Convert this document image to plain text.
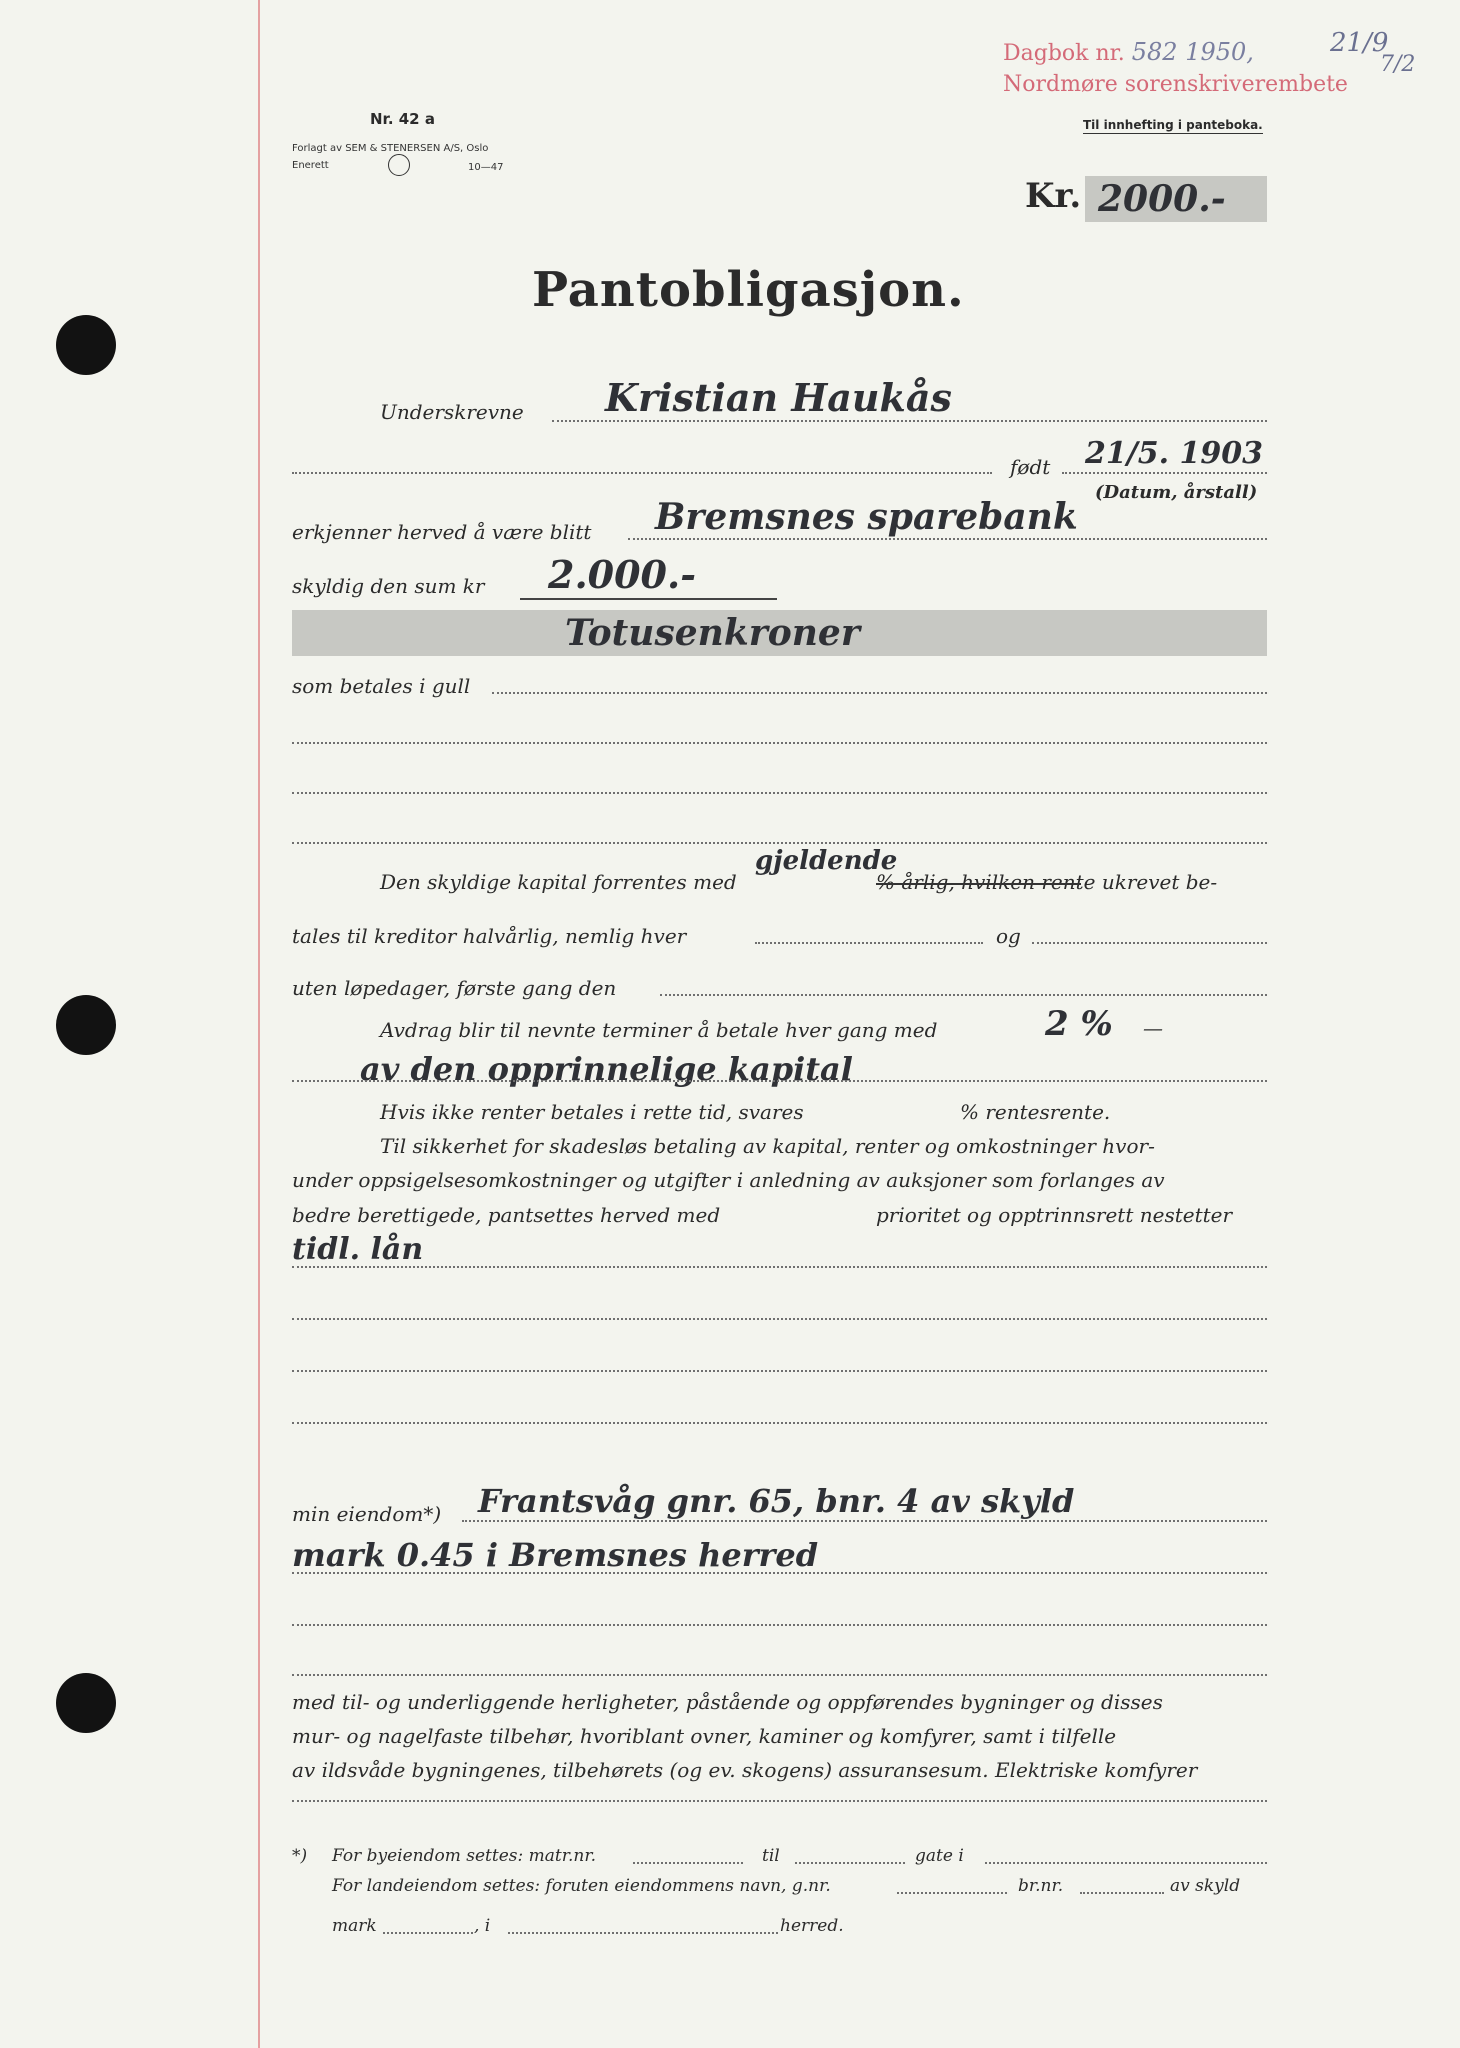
Dagbok nr. 582 1950,	21/9
7/2
Nordmøre sorenskriverembete
Nr. 42 a
Forlagt av SEM & STENERSEN A/S, Oslo
Enerett	10—47
Til innhefting i panteboka.
Kr. 2000.-
Pantobligasjon.
Underskrevne Kristian Haukås
født 21/5. 1903
(Datum, årstall)
erkjenner herved å være blitt Bremsnes sparebank
skyldig den sum kr 2.000.-
Totusenkroner
som betales i gull
Den skyldige kapital forrentes med
gjeldende
% årlig, hvilken rente ukrevet be-
tales til kreditor halvårlig, nemlig hver	og
uten løpedager, første gang den
Avdrag blir til nevnte terminer å betale hver gang med	2 % —
av den opprinnelige kapital
Hvis ikke renter betales i rette tid, svares	% rentesrente.
Til sikkerhet for skadesløs betaling av kapital, renter og omkostninger hvor-
under oppsigelsesomkostninger og utgifter i anledning av auksjoner som forlanges av
bedre berettigede, pantsettes herved med	prioritet og opptrinnsrett nestetter
tidl. lån
min eiendom*) Frantsvåg gnr. 65, bnr. 4 av skyld
mark 0.45 i Bremsnes herred
med til- og underliggende herligheter, påstående og oppførendes bygninger og disses
mur- og nagelfaste tilbehør, hvoriblant ovner, kaminer og komfyrer, samt i tilfelle
av ildsvåde bygningenes, tilbehørets (og ev. skogens) assuransesum. Elektriske komfyrer
*) For byeiendom settes: matr.nr.	til	gate i
For landeiendom settes: foruten eiendommens navn, g.nr.	br.nr.	av skyld
mark	, i	herred.
